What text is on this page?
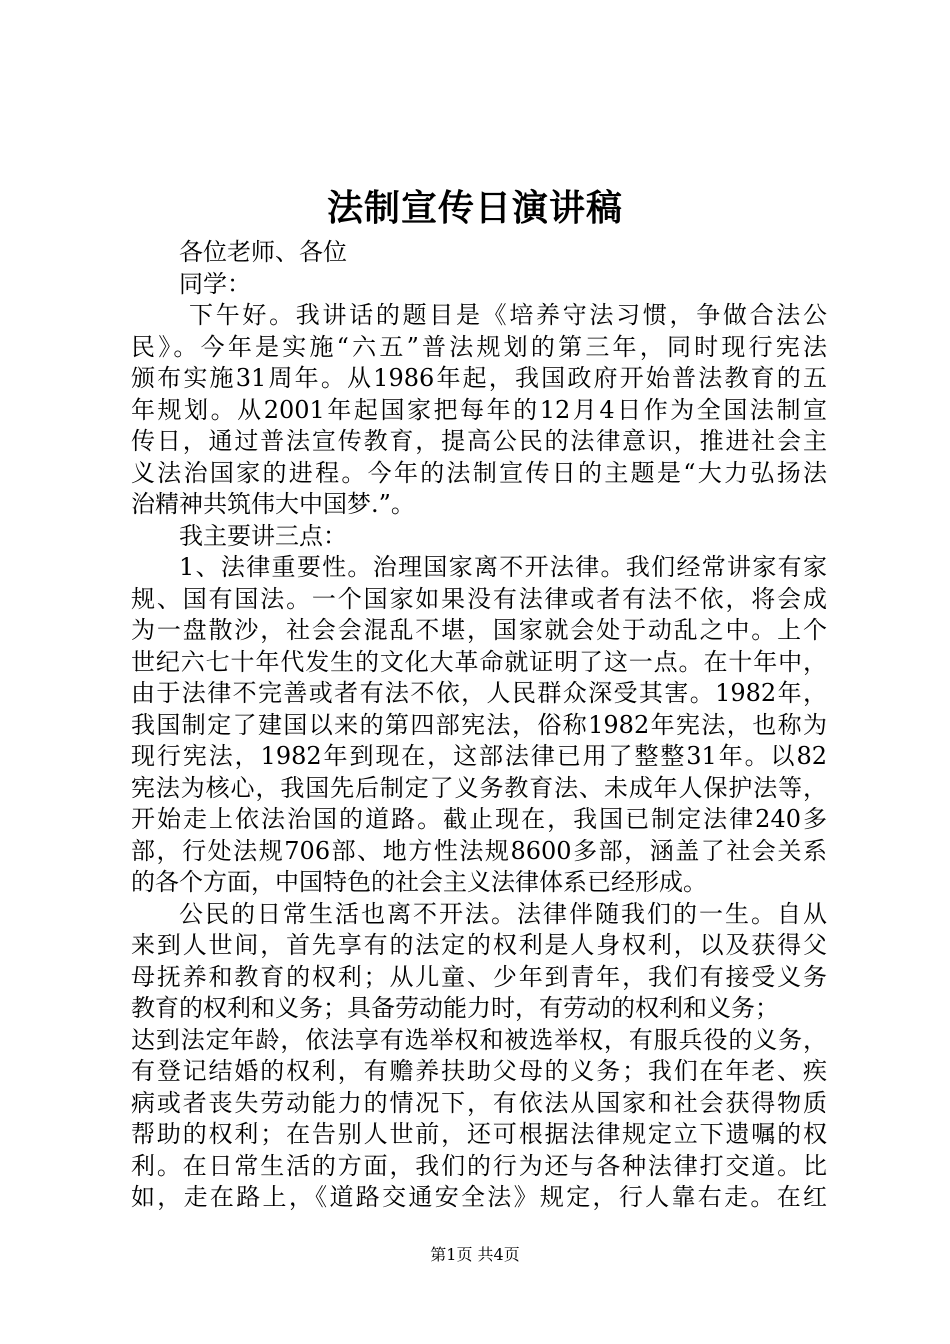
法制宣传日演讲稿
各位老师、各位
同学：
下午好。我讲话的题目是《培养守法习惯，争做合法公
民》。今年是实施“六五”普法规划的第三年，同时现行宪法
颁布实施31周年。从1986年起，我国政府开始普法教育的五
年规划。从2001年起国家把每年的12月4日作为全国法制宣
传日，通过普法宣传教育，提高公民的法律意识，推进社会主
义法治国家的进程。今年的法制宣传日的主题是“大力弘扬法
治精神共筑伟大中国梦.”。
我主要讲三点：
1、法律重要性。治理国家离不开法律。我们经常讲家有家
规、国有国法。一个国家如果没有法律或者有法不依，将会成
为一盘散沙，社会会混乱不堪，国家就会处于动乱之中。上个
世纪六七十年代发生的文化大革命就证明了这一点。在十年中，
由于法律不完善或者有法不依，人民群众深受其害。1982年，
我国制定了建国以来的第四部宪法，俗称1982年宪法，也称为
现行宪法，1982年到现在，这部法律已用了整整31年。以82
宪法为核心，我国先后制定了义务教育法、未成年人保护法等，
开始走上依法治国的道路。截止现在，我国已制定法律240多
部，行处法规706部、地方性法规8600多部，涵盖了社会关系
的各个方面，中国特色的社会主义法律体系已经形成。
公民的日常生活也离不开法。法律伴随我们的一生。自从
来到人世间，首先享有的法定的权利是人身权利，以及获得父
母抚养和教育的权利；从儿童、少年到青年，我们有接受义务
教育的权利和义务；具备劳动能力时，有劳动的权利和义务；
达到法定年龄，依法享有选举权和被选举权，有服兵役的义务，
有登记结婚的权利，有赡养扶助父母的义务；我们在年老、疾
病或者丧失劳动能力的情况下，有依法从国家和社会获得物质
帮助的权利；在告别人世前，还可根据法律规定立下遗嘱的权
利。在日常生活的方面，我们的行为还与各种法律打交道。比
如，走在路上，《道路交通安全法》规定，行人靠右走。在红
第1页 共4页
